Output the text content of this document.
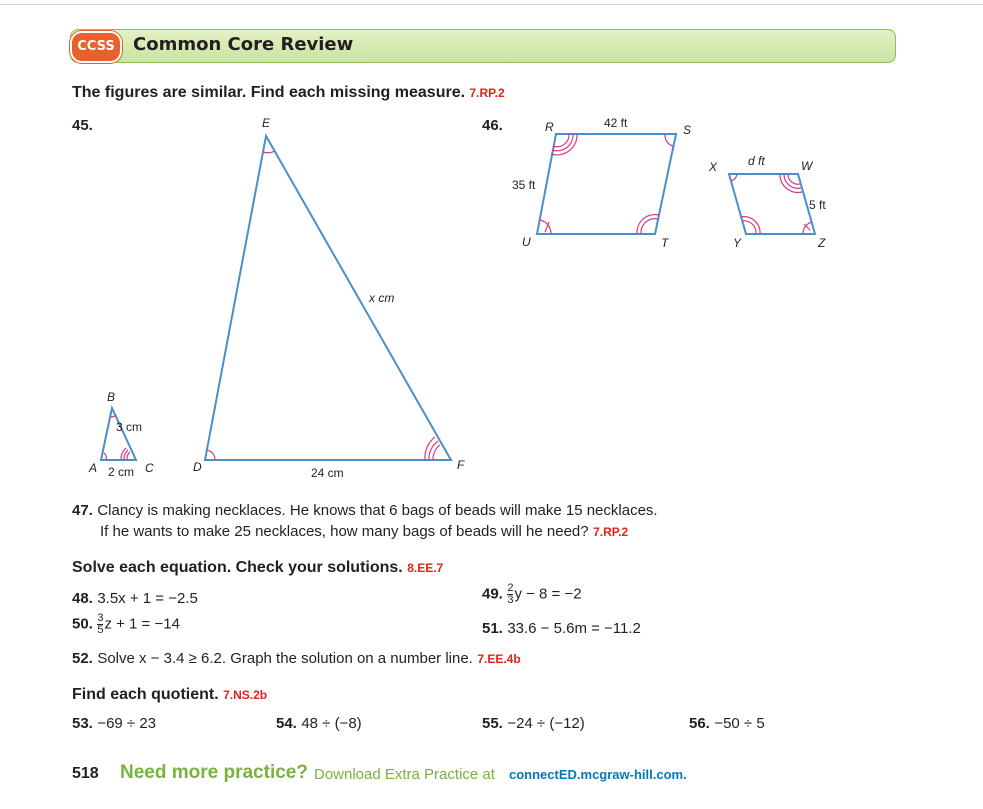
CCSS	Common Core Review
The figures are similar. Find each missing measure. 7.RP.2
45.
B
3 cm
A 2 cm C
E
x cm
D	24 cm
F
46.	R	42 ft	S
35 ft
U	T
X	d ft	W
5 ft
Y	Z
47. Clancy is making necklaces. He knows that 6 bags of beads will make 15 necklaces.
If he wants to make 25 necklaces, how many bags of beads will he need? 7.RP.2
Solve each equation. Check your solutions. 8.EE.7
48. 3.5x + 1 = −2.5	49. $\frac{2}{3}$ y − 8 = −2
50. $\frac{3}{5}$ z + 1 = −14	51. 33.6 − 5.6m = −11.2
52. Solve x − 3.4 ≥ 6.2. Graph the solution on a number line. 7.EE.4b
Find each quotient. 7.NS.2b
53. −69 ÷ 23	54. 48 ÷ (−8)	55. −24 ÷ (−12)	56. −50 ÷ 5
518 Need more practice? Download Extra Practice at connectED.mcgraw-hill.com.
